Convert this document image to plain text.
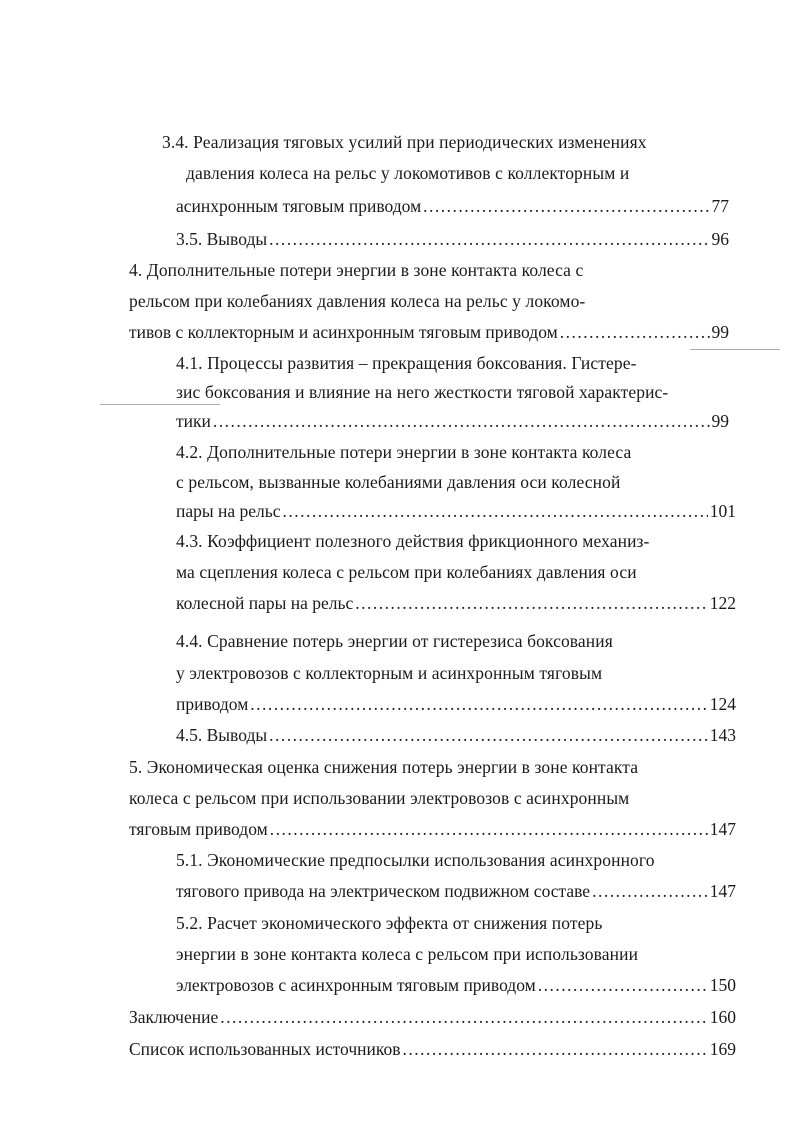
3.4. Реализация тяговых усилий при периодических изменениях
давления колеса на рельс у локомотивов с коллекторным и
асинхронным тяговым приводом .....	77
3.5. Выводы .....	96
4. Дополнительные потери энергии в зоне контакта колеса с
рельсом при колебаниях давления колеса на рельс у локомо-
тивов с коллекторным и асинхронным тяговым приводом .....	99
4.1. Процессы развития – прекращения боксования. Гистере-
зис боксования и влияние на него жесткости тяговой характерис-
тики .....	99
4.2. Дополнительные потери энергии в зоне контакта колеса
с рельсом, вызванные колебаниями давления оси колесной
пары на рельс .....	101
4.3. Коэффициент полезного действия фрикционного механиз-
ма сцепления колеса с рельсом при колебаниях давления оси
колесной пары на рельс .....	122
4.4. Сравнение потерь энергии от гистерезиса боксования
у электровозов с коллекторным и асинхронным тяговым
приводом .....	124
4.5. Выводы .....	143
5. Экономическая оценка снижения потерь энергии в зоне контакта
колеса с рельсом при использовании электровозов с асинхронным
тяговым приводом .....	147
5.1. Экономические предпосылки использования асинхронного
тягового привода на электрическом подвижном составе .....	147
5.2. Расчет экономического эффекта от снижения потерь
энергии в зоне контакта колеса с рельсом при использовании
электровозов с асинхронным тяговым приводом .....	150
Заключение .....	160
Список использованных источников .....	169
